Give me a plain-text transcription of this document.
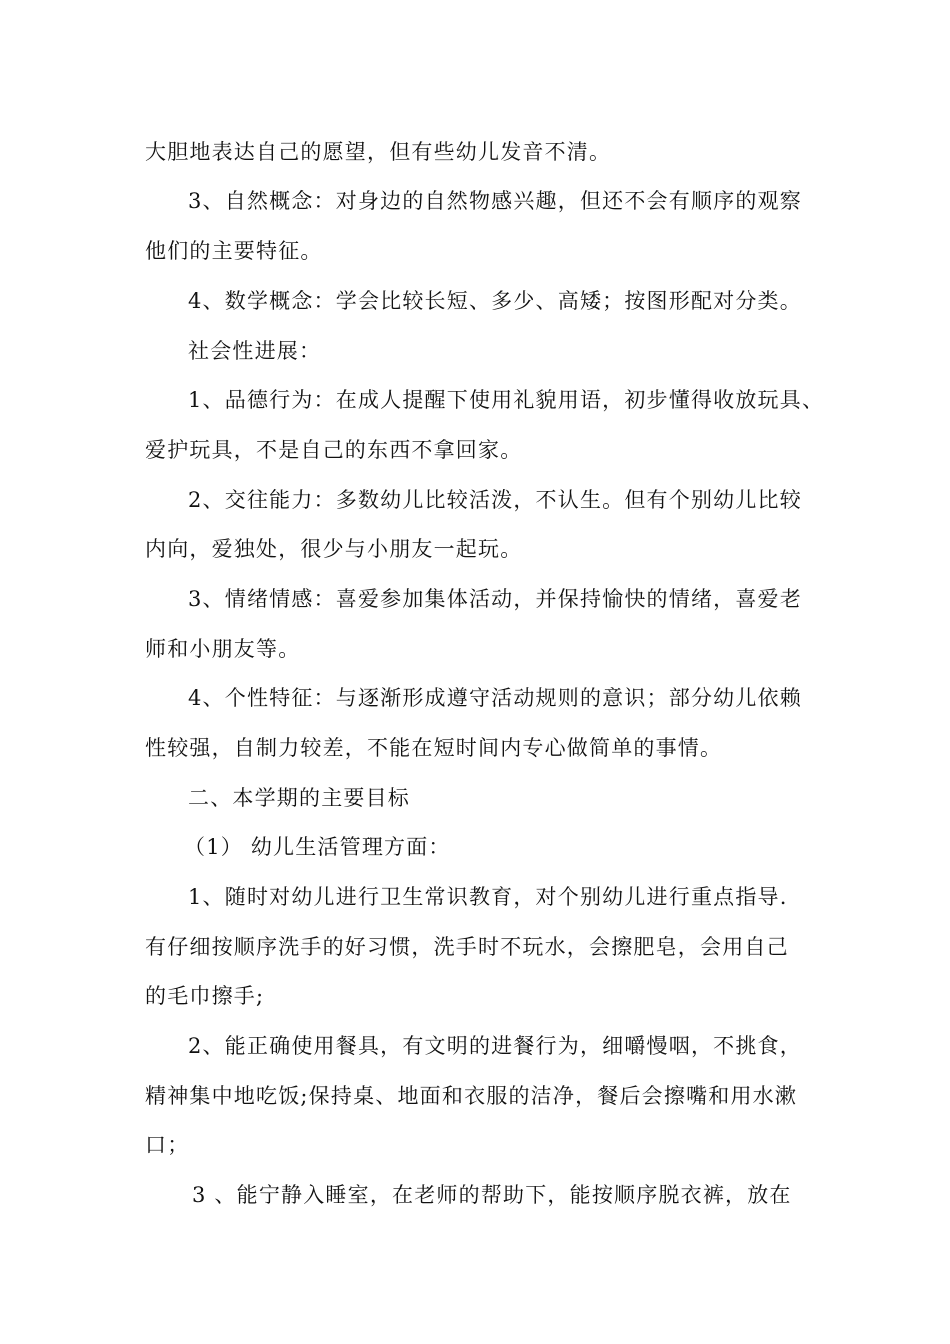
大胆地表达自己的愿望，但有些幼儿发音不清。
3、自然概念：对身边的自然物感兴趣，但还不会有顺序的观察
他们的主要特征。
4、数学概念：学会比较长短、多少、高矮；按图形配对分类。
社会性进展：
1、品德行为：在成人提醒下使用礼貌用语，初步懂得收放玩具、
爱护玩具，不是自己的东西不拿回家。
2、交往能力：多数幼儿比较活泼，不认生。但有个别幼儿比较
内向，爱独处，很少与小朋友一起玩。
3、情绪情感：喜爱参加集体活动，并保持愉快的情绪，喜爱老
师和小朋友等。
4、个性特征：与逐渐形成遵守活动规则的意识；部分幼儿依赖
性较强，自制力较差，不能在短时间内专心做简单的事情。
二、本学期的主要目标
（1） 幼儿生活管理方面：
1、随时对幼儿进行卫生常识教育，对个别幼儿进行重点指导.
有仔细按顺序洗手的好习惯，洗手时不玩水，会擦肥皂，会用自己
的毛巾擦手;
2、能正确使用餐具，有文明的进餐行为，细嚼慢咽，不挑食，
精神集中地吃饭;保持桌、地面和衣服的洁净，餐后会擦嘴和用水漱
口；
3 、能宁静入睡室，在老师的帮助下，能按顺序脱衣裤，放在
